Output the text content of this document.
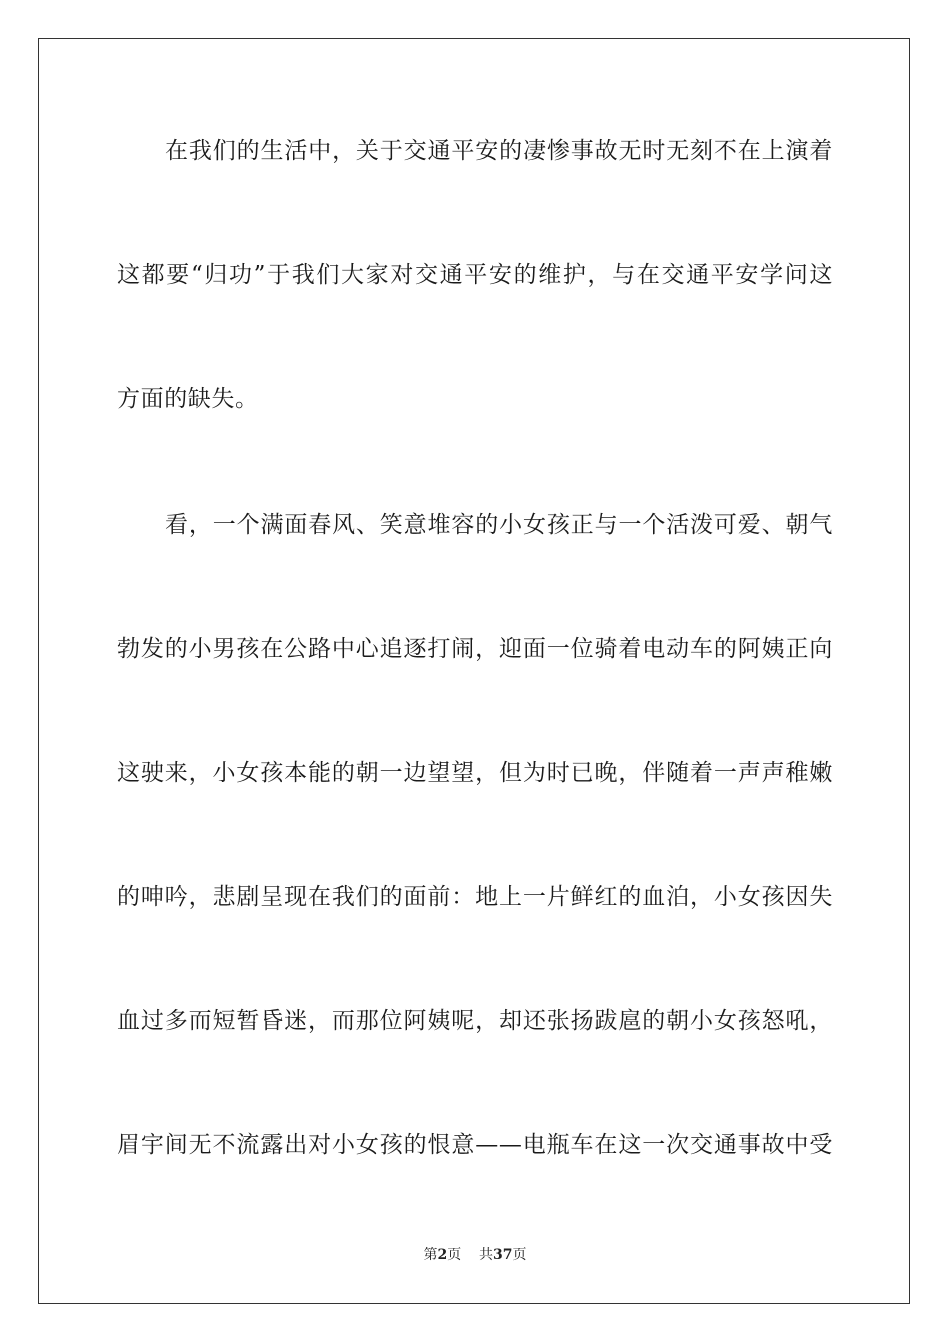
在我们的生活中，关于交通平安的凄惨事故无时无刻不在上演着
这都要“归功”于我们大家对交通平安的维护，与在交通平安学问这
方面的缺失。
看，一个满面春风、笑意堆容的小女孩正与一个活泼可爱、朝气
勃发的小男孩在公路中心追逐打闹，迎面一位骑着电动车的阿姨正向
这驶来，小女孩本能的朝一边望望，但为时已晚，伴随着一声声稚嫩
的呻吟，悲剧呈现在我们的面前：地上一片鲜红的血泊，小女孩因失
血过多而短暂昏迷，而那位阿姨呢，却还张扬跋扈的朝小女孩怒吼，
眉宇间无不流露出对小女孩的恨意——电瓶车在这一次交通事故中受
第2页 共37页
